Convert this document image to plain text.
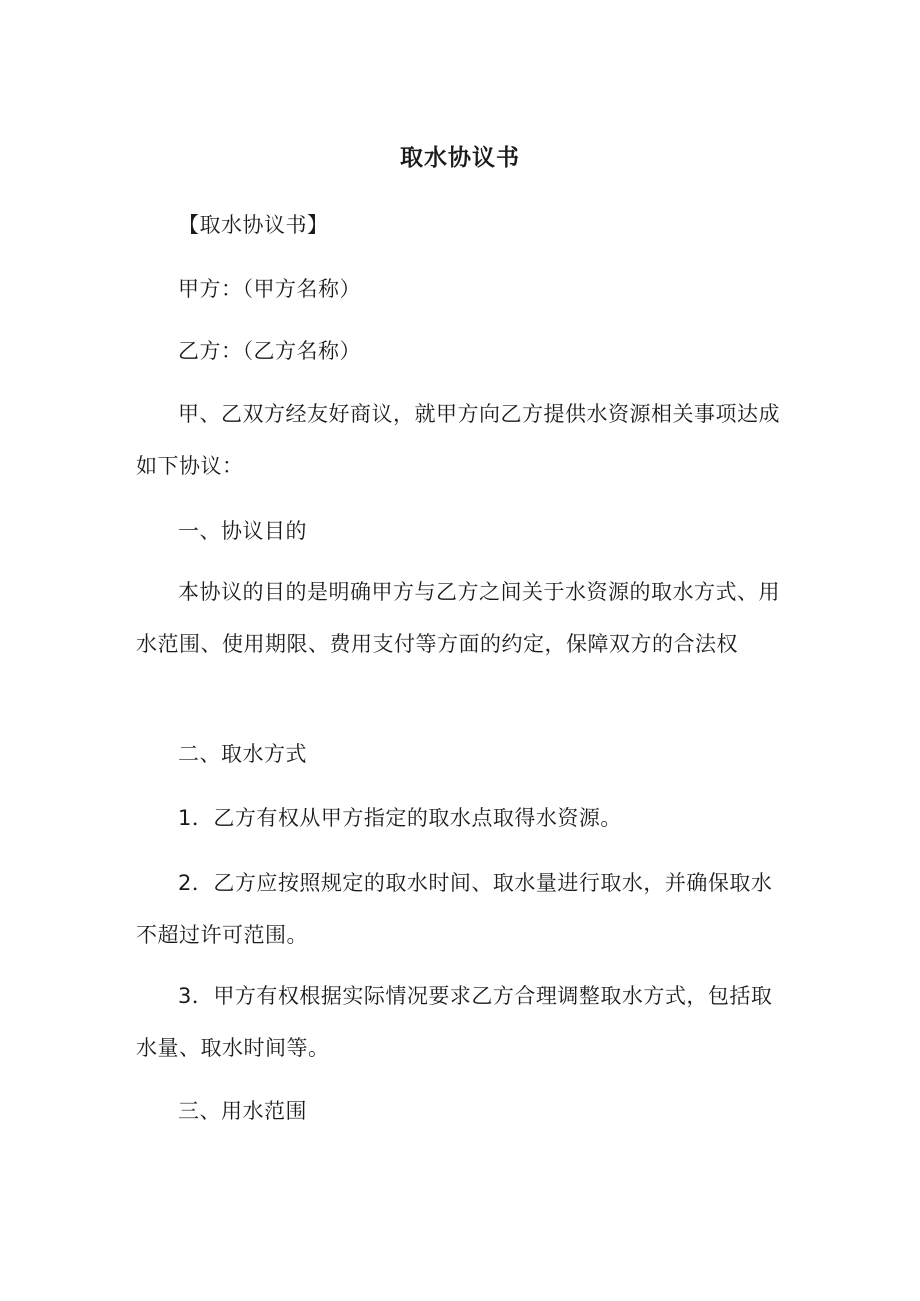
取水协议书

【取水协议书】

甲方：（甲方名称）

乙方：（乙方名称）

甲、乙双方经友好商议，就甲方向乙方提供水资源相关事项达成如下协议：

一、协议目的

本协议的目的是明确甲方与乙方之间关于水资源的取水方式、用水范围、使用期限、费用支付等方面的约定，保障双方的合法权

二、取水方式

1．乙方有权从甲方指定的取水点取得水资源。

2．乙方应按照规定的取水时间、取水量进行取水，并确保取水不超过许可范围。

3．甲方有权根据实际情况要求乙方合理调整取水方式，包括取水量、取水时间等。

三、用水范围
